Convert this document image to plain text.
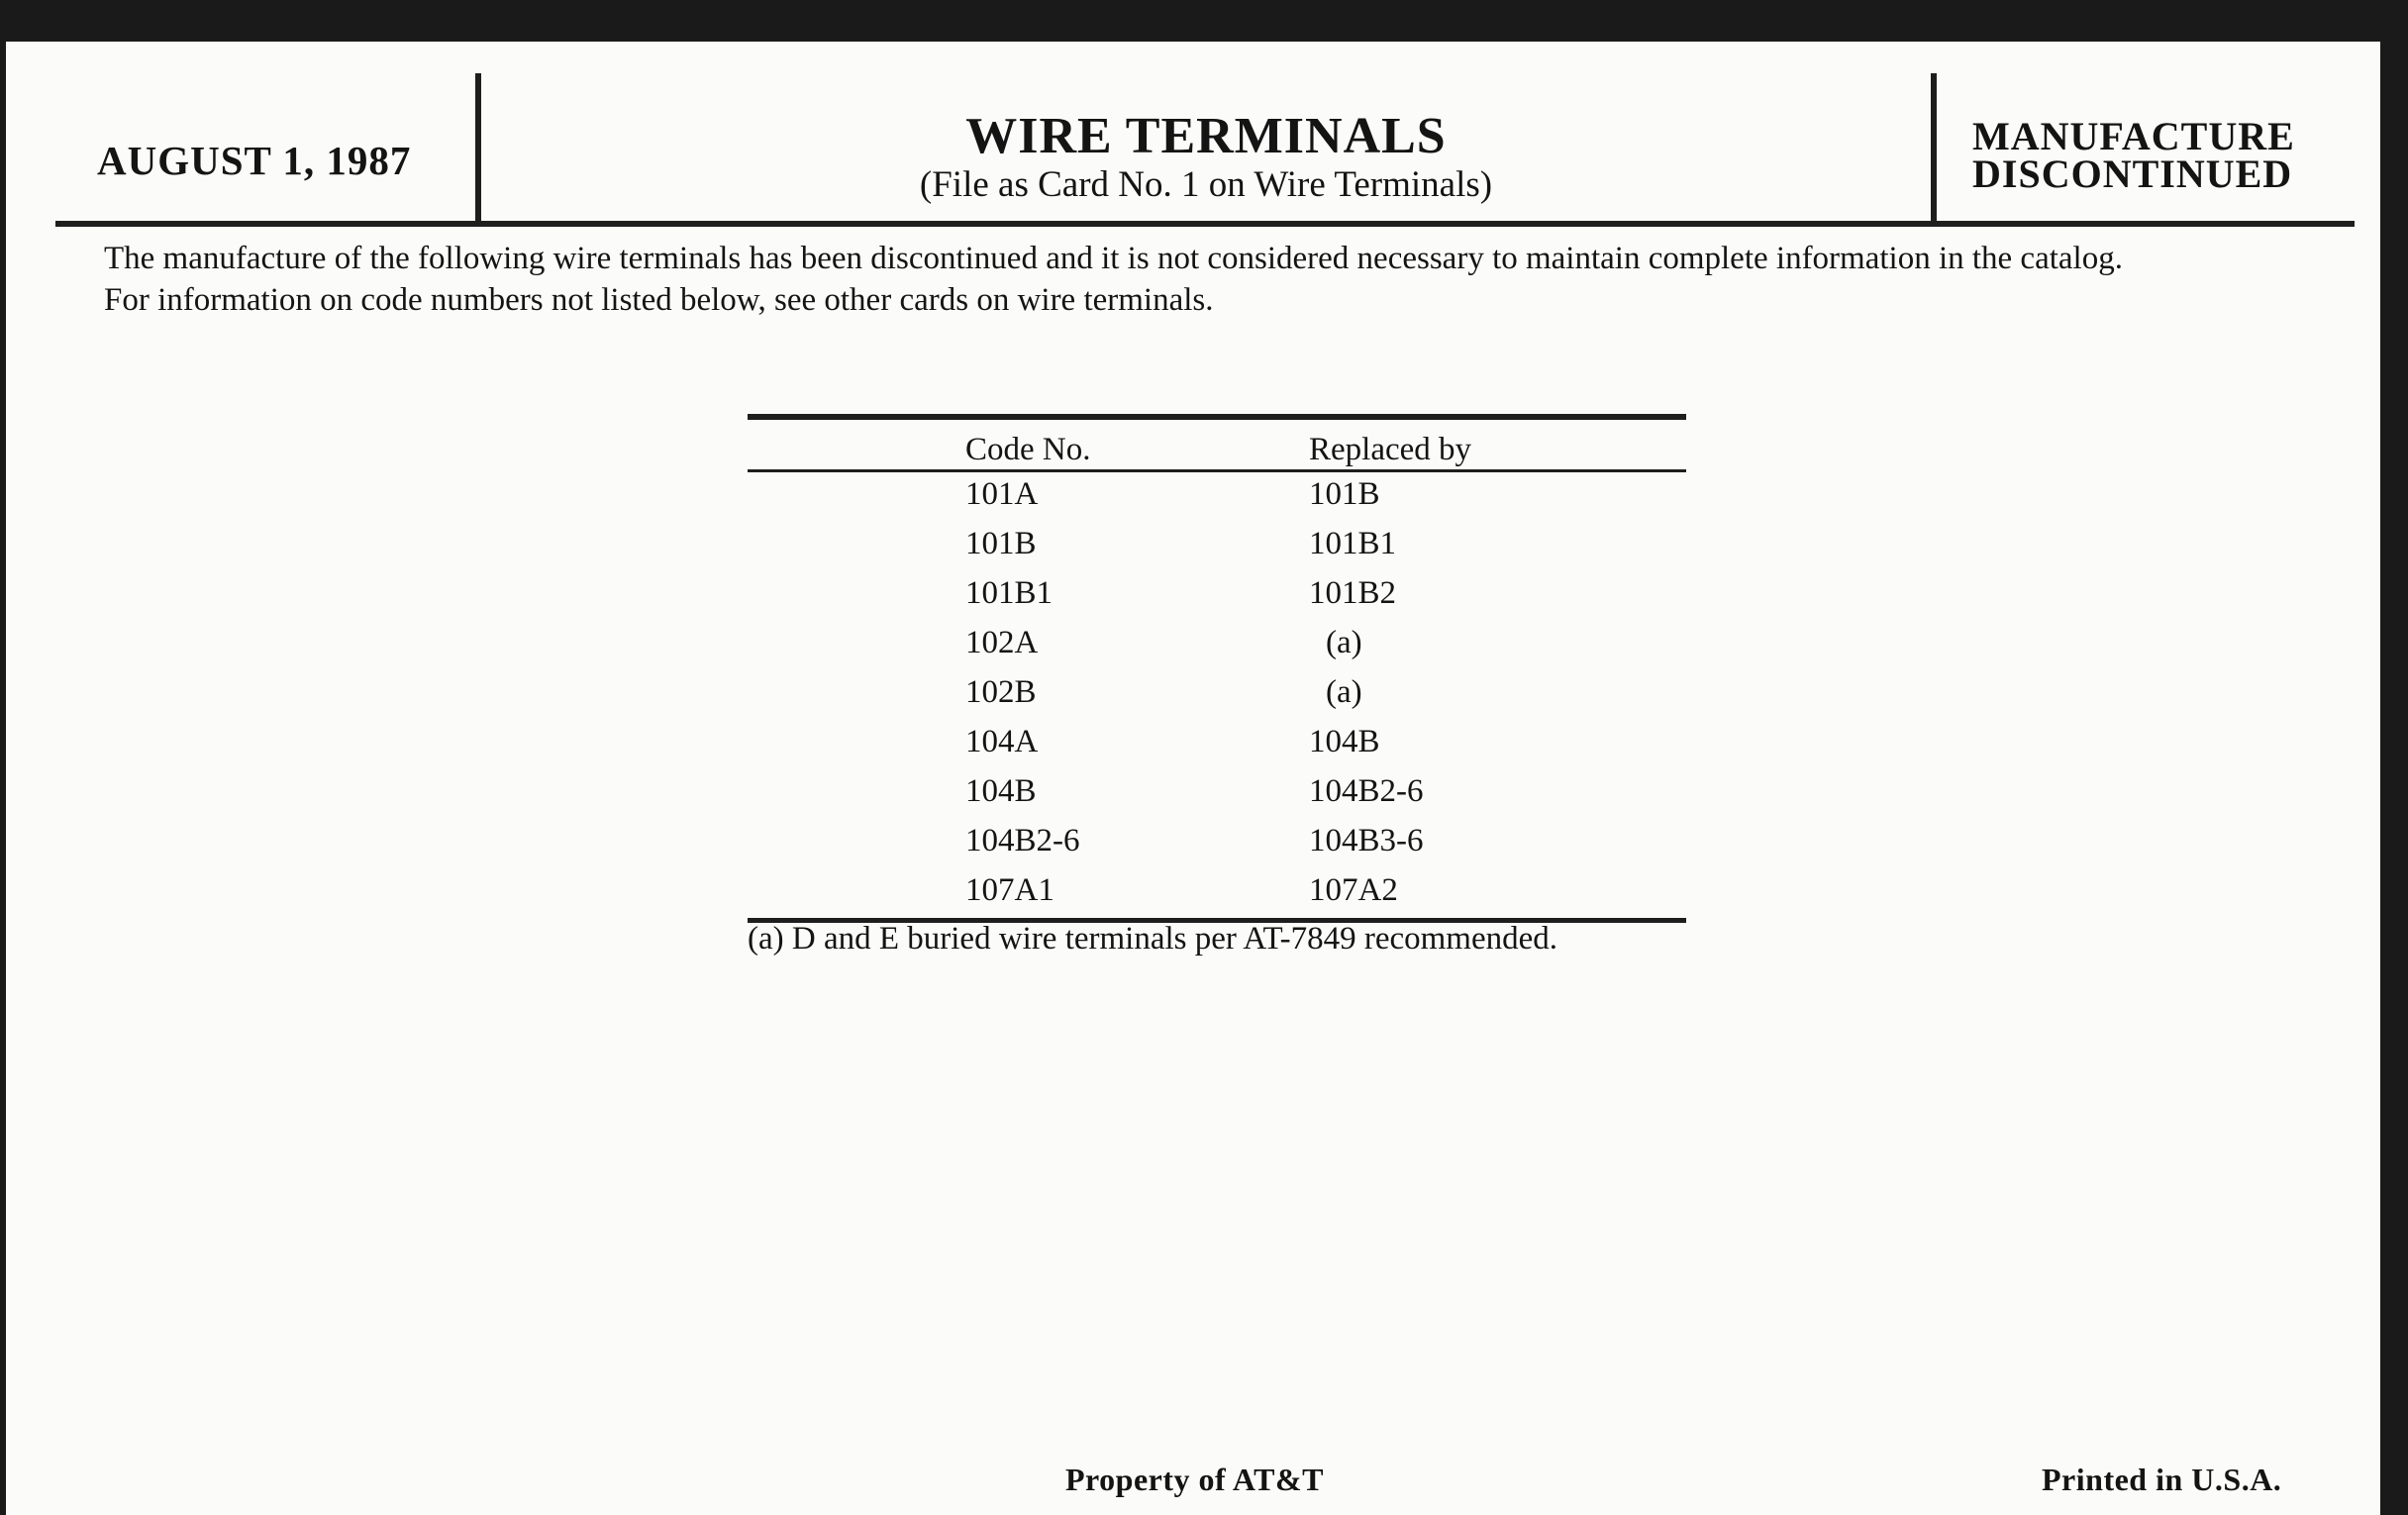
AUGUST 1, 1987	WIRE TERMINALS
(File as Card No. 1 on Wire Terminals)
MANUFACTURE
DISCONTINUED

The manufacture of the following wire terminals has been discontinued and it is not considered necessary to maintain complete information in the catalog.

For information on code numbers not listed below, see other cards on wire terminals.

Code No.	Replaced by
101A	101B
101B	101B1
101B1	101B2
102A	(a)
102B	(a)
104A	104B
104B	104B2-6
104B2-6	104B3-6
107A1	107A2
(a) D and E buried wire terminals per AT-7849 recommended.
Property of AT&T	Printed in U.S.A.
